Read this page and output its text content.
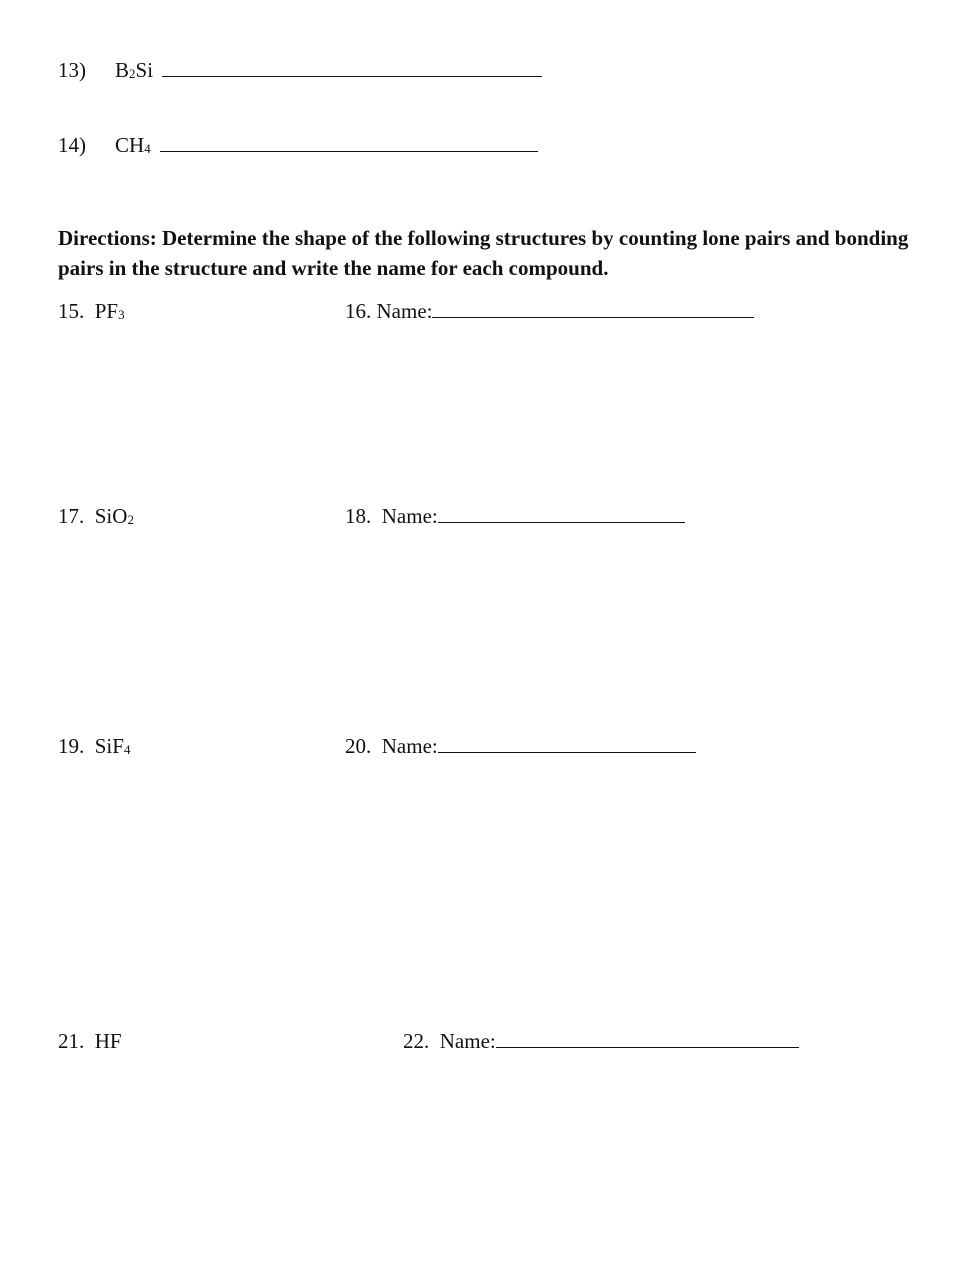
13) B2Si
14) CH4
Directions: Determine the shape of the following structures by counting lone pairs and bonding pairs in the structure and write the name for each compound.
15. PF3	16. Name:
17. SiO2	18. Name:
19. SiF4	20. Name:
21. HF	22. Name:
